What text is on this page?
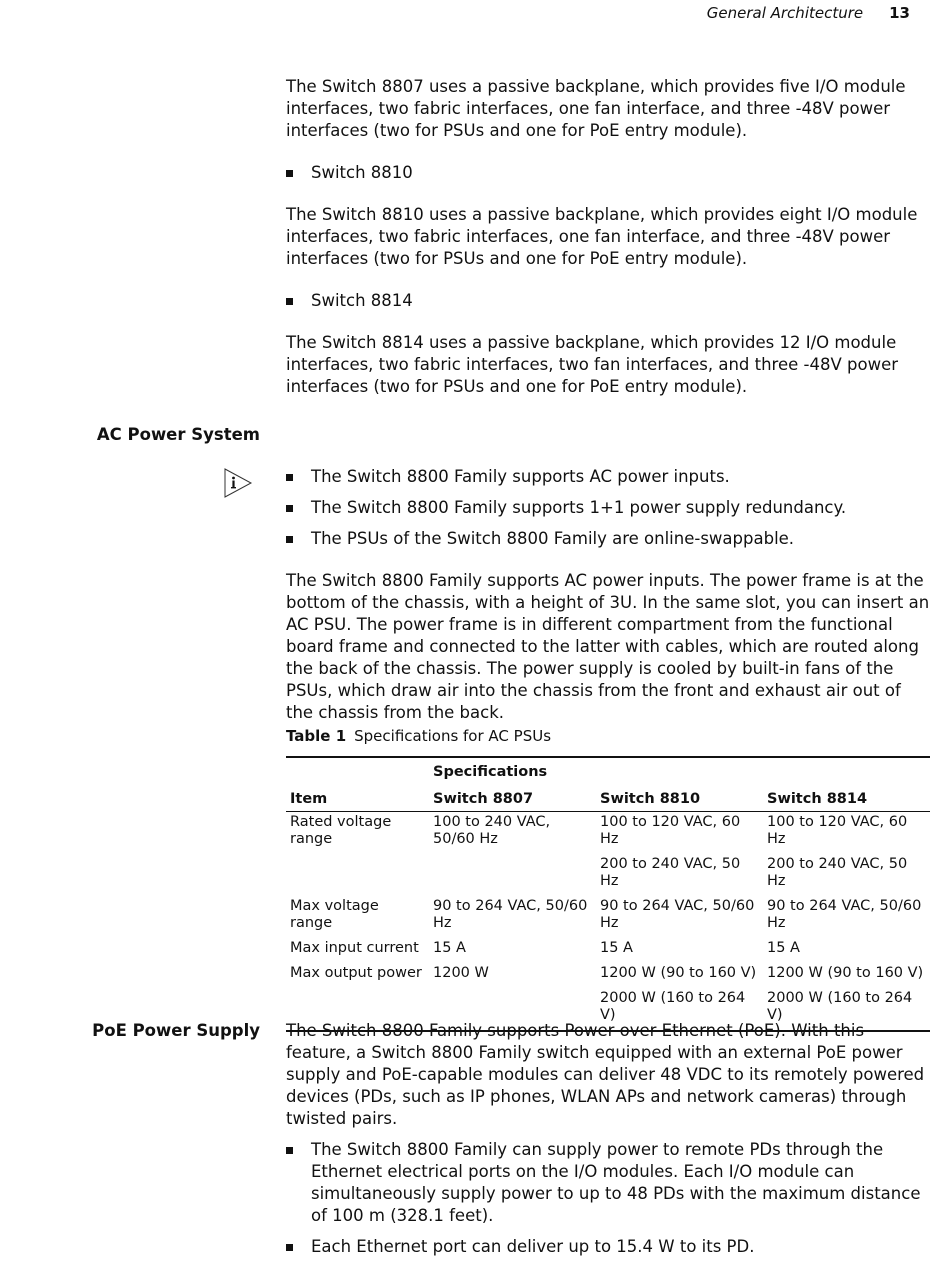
General Architecture 13

The Switch 8807 uses a passive backplane, which provides five I/O module interfaces, two fabric interfaces, one fan interface, and three -48V power interfaces (two for PSUs and one for PoE entry module).

Switch 8810

The Switch 8810 uses a passive backplane, which provides eight I/O module interfaces, two fabric interfaces, one fan interface, and three -48V power interfaces (two for PSUs and one for PoE entry module).

Switch 8814

The Switch 8814 uses a passive backplane, which provides 12 I/O module interfaces, two fabric interfaces, two fan interfaces, and three -48V power interfaces (two for PSUs and one for PoE entry module).

AC Power System
The Switch 8800 Family supports AC power inputs.
The Switch 8800 Family supports 1+1 power supply redundancy.
The PSUs of the Switch 8800 Family are online-swappable.

The Switch 8800 Family supports AC power inputs. The power frame is at the bottom of the chassis, with a height of 3U. In the same slot, you can insert an AC PSU. The power frame is in different compartment from the functional board frame and connected to the latter with cables, which are routed along the back of the chassis. The power supply is cooled by built-in fans of the PSUs, which draw air into the chassis from the front and exhaust air out of the chassis from the back.

Table 1 Specifications for AC PSUs
	Specifications		
Item	Switch 8807	Switch 8810	Switch 8814
Rated voltage range	100 to 240 VAC, 50/60 Hz	100 to 120 VAC, 60 Hz	100 to 120 VAC, 60 Hz
		200 to 240 VAC, 50 Hz	200 to 240 VAC, 50 Hz
Max voltage range	90 to 264 VAC, 50/60 Hz	90 to 264 VAC, 50/60 Hz	90 to 264 VAC, 50/60 Hz
Max input current	15 A	15 A	15 A
Max output power	1200 W	1200 W (90 to 160 V)	1200 W (90 to 160 V)
		2000 W (160 to 264 V)	2000 W (160 to 264 V)
PoE Power Supply The Switch 8800 Family supports Power over Ethernet (PoE). With this feature, a Switch 8800 Family switch equipped with an external PoE power supply and PoE-capable modules can deliver 48 VDC to its remotely powered devices (PDs, such as IP phones, WLAN APs and network cameras) through twisted pairs.

The Switch 8800 Family can supply power to remote PDs through the Ethernet electrical ports on the I/O modules. Each I/O module can simultaneously supply power to up to 48 PDs with the maximum distance of 100 m (328.1 feet).
Each Ethernet port can deliver up to 15.4 W to its PD.
